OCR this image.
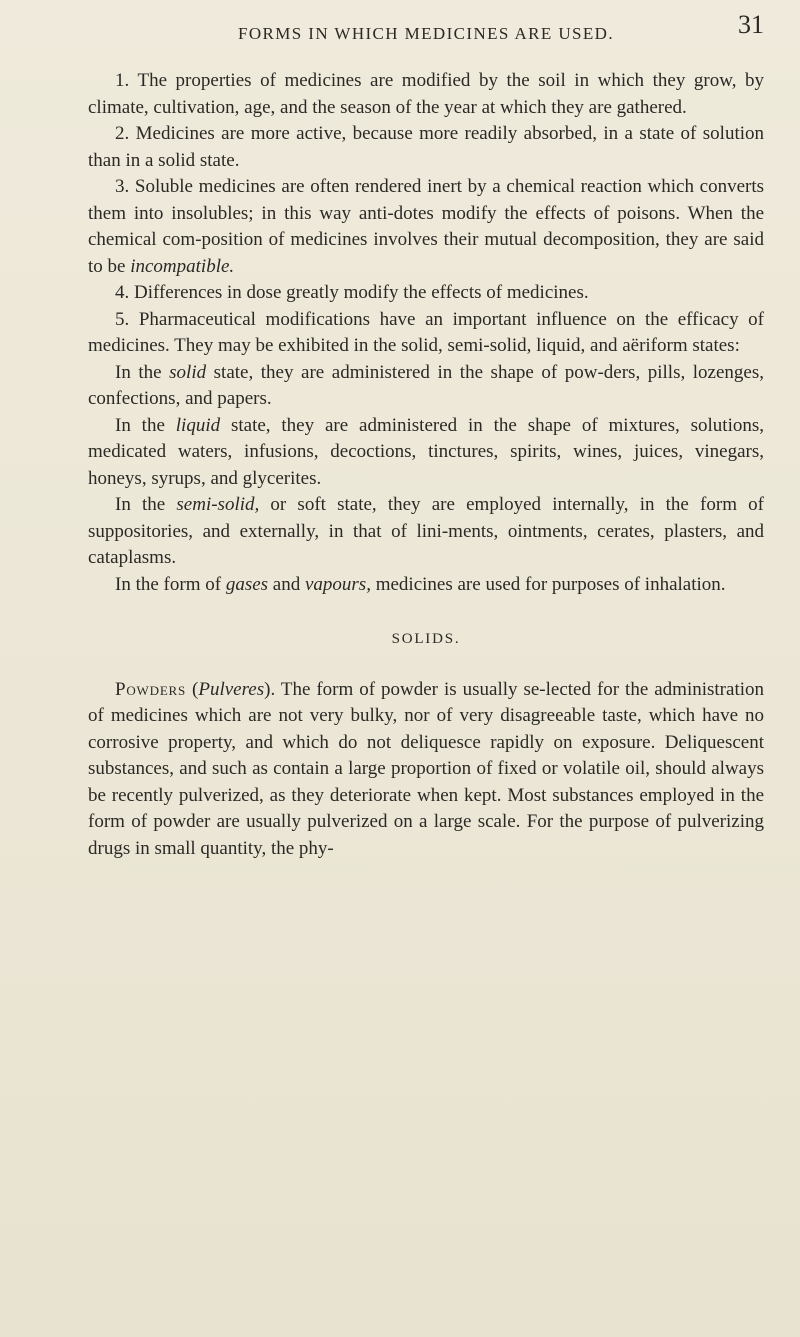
FORMS IN WHICH MEDICINES ARE USED.	31

1. The properties of medicines are modified by the soil in which they grow, by climate, cultivation, age, and the season of the year at which they are gathered.

2. Medicines are more active, because more readily absorbed, in a state of solution than in a solid state.

3. Soluble medicines are often rendered inert by a chemical reaction which converts them into insolubles; in this way anti-dotes modify the effects of poisons. When the chemical com-position of medicines involves their mutual decomposition, they are said to be incompatible.

4. Differences in dose greatly modify the effects of medicines.

5. Pharmaceutical modifications have an important influence on the efficacy of medicines. They may be exhibited in the solid, semi-solid, liquid, and aëriform states:

In the solid state, they are administered in the shape of pow-ders, pills, lozenges, confections, and papers.

In the liquid state, they are administered in the shape of mixtures, solutions, medicated waters, infusions, decoctions, tinctures, spirits, wines, juices, vinegars, honeys, syrups, and glycerites.

In the semi-solid, or soft state, they are employed internally, in the form of suppositories, and externally, in that of lini-ments, ointments, cerates, plasters, and cataplasms.

In the form of gases and vapours, medicines are used for purposes of inhalation.

SOLIDS.

Powders (Pulveres). The form of powder is usually se-lected for the administration of medicines which are not very bulky, nor of very disagreeable taste, which have no corrosive property, and which do not deliquesce rapidly on exposure. Deliquescent substances, and such as contain a large proportion of fixed or volatile oil, should always be recently pulverized, as they deteriorate when kept. Most substances employed in the form of powder are usually pulverized on a large scale. For the purpose of pulverizing drugs in small quantity, the phy-
